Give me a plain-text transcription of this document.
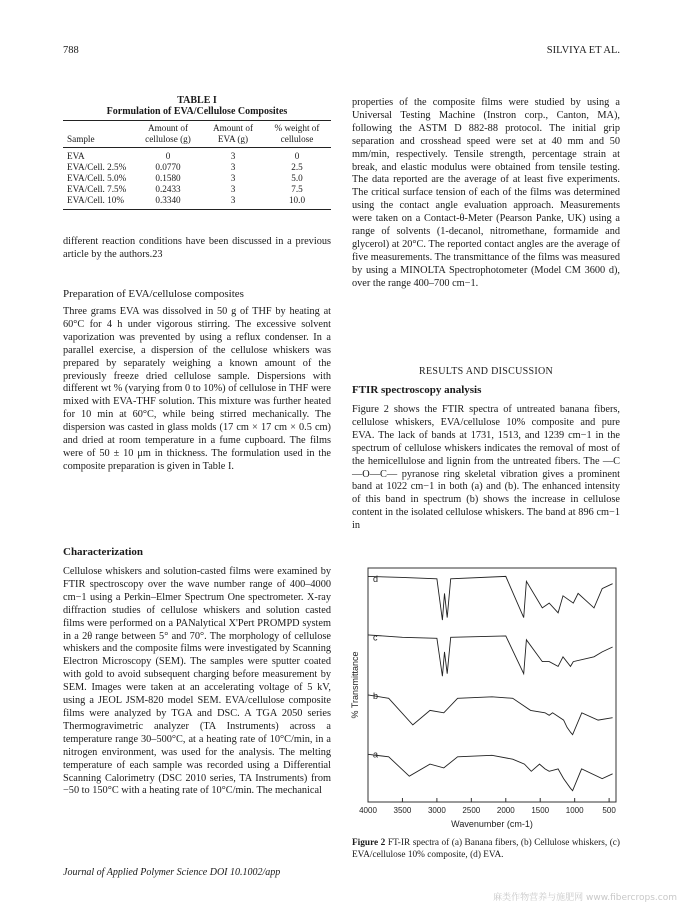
788	SILVIYA ET AL.
TABLE I
Formulation of EVA/Cellulose Composites
Sample	Amount of cellulose (g)	Amount of EVA (g)	% weight of cellulose
EVA	0	3	0
EVA/Cell. 2.5%	0.0770	3	2.5
EVA/Cell. 5.0%	0.1580	3	5.0
EVA/Cell. 7.5%	0.2433	3	7.5
EVA/Cell. 10%	0.3340	3	10.0

different reaction conditions have been discussed in a previous article by the authors.23

Preparation of EVA/cellulose composites

Three grams EVA was dissolved in 50 g of THF by heating at 60°C for 4 h under vigorous stirring. The excessive solvent vaporization was prevented by using a reflux condenser. In a parallel exercise, a dispersion of the cellulose whiskers was prepared by separately weighing a known amount of the previously freeze dried cellulose sample. Dispersions with different wt % (varying from 0 to 10%) of cellulose in THF were mixed with EVA-THF solution. This mixture was further heated for 10 min at 60°C, while being stirred mechanically. The dispersion was casted in glass molds (17 cm × 17 cm × 0.5 cm) and dried at room temperature in a fume cupboard. The films were of 50 ± 10 μm in thickness. The formulation used in the composite preparation is given in Table I.

Characterization

Cellulose whiskers and solution-casted films were examined by FTIR spectroscopy over the wave number range of 400–4000 cm−1 using a Perkin–Elmer Spectrum One spectrometer. X-ray diffraction studies of cellulose whiskers and solution casted films were performed on a PANalytical X'Pert PROMPD system in a 2θ range between 5° and 70°. The morphology of cellulose whiskers and the composite films were investigated by Scanning Electron Microscopy (SEM). The samples were sputter coated with gold to avoid subsequent charging before measurement by SEM. Images were taken at an accelerating voltage of 5 kV, using a JEOL JSM-820 model SEM. EVA/cellulose composite films were analyzed by TGA and DSC. A TGA 2050 series Thermogravimetric analyzer (TA Instruments) across a temperature range 30–500°C, at a heating rate of 10°C/min, in a nitrogen environment, was used for the analysis. The melting temperature of each sample was recorded using a Differential Scanning Calorimetry (DSC 2010 series, TA Instruments) from −50 to 150°C with a heating rate of 10°C/min. The mechanical

properties of the composite films were studied by using a Universal Testing Machine (Instron corp., Canton, MA), following the ASTM D 882-88 protocol. The initial grip separation and crosshead speed were set at 40 mm and 50 mm/min, respectively. Tensile strength, percentage strain at break, and elastic modulus were obtained from tensile testing. The data reported are the average of at least five experiments. The critical surface tension of each of the films was determined using the contact angle evaluation approach. Measurements were taken on a Contact-θ-Meter (Pearson Panke, UK) using a range of solvents (1-decanol, nitromethane, formamide and glycerol) at 20°C. The reported contact angles are the average of five measurements. The transmittance of the films was measured by using a MINOLTA Spectrophotometer (Model CM 3600 d), over the range 400–700 cm−1.

RESULTS AND DISCUSSION
FTIR spectroscopy analysis

Figure 2 shows the FTIR spectra of untreated banana fibers, cellulose whiskers, EVA/cellulose 10% composite and pure EVA. The lack of bands at 1731, 1513, and 1239 cm−1 in the spectrum of cellulose whiskers indicates the removal of most of the hemicellulose and lignin from the untreated fibers. The —C—O—C— pyranose ring skeletal vibration gives a prominent band at 1022 cm−1 in both (a) and (b). The enhanced intensity of this band in spectrum (b) shows the increase in cellulose content in the isolated cellulose whiskers. The band at 896 cm−1 in

4000 3500 3000 2500 2000 1500 1000 500
Wavenumber (cm-1)
% Transmittance
a
b
c
d
Figure 2 FT-IR spectra of (a) Banana fibers, (b) Cellulose whiskers, (c) EVA/cellulose 10% composite, (d) EVA.
Journal of Applied Polymer Science DOI 10.1002/app
麻类作物营养与施肥网 www.fibercrops.com
